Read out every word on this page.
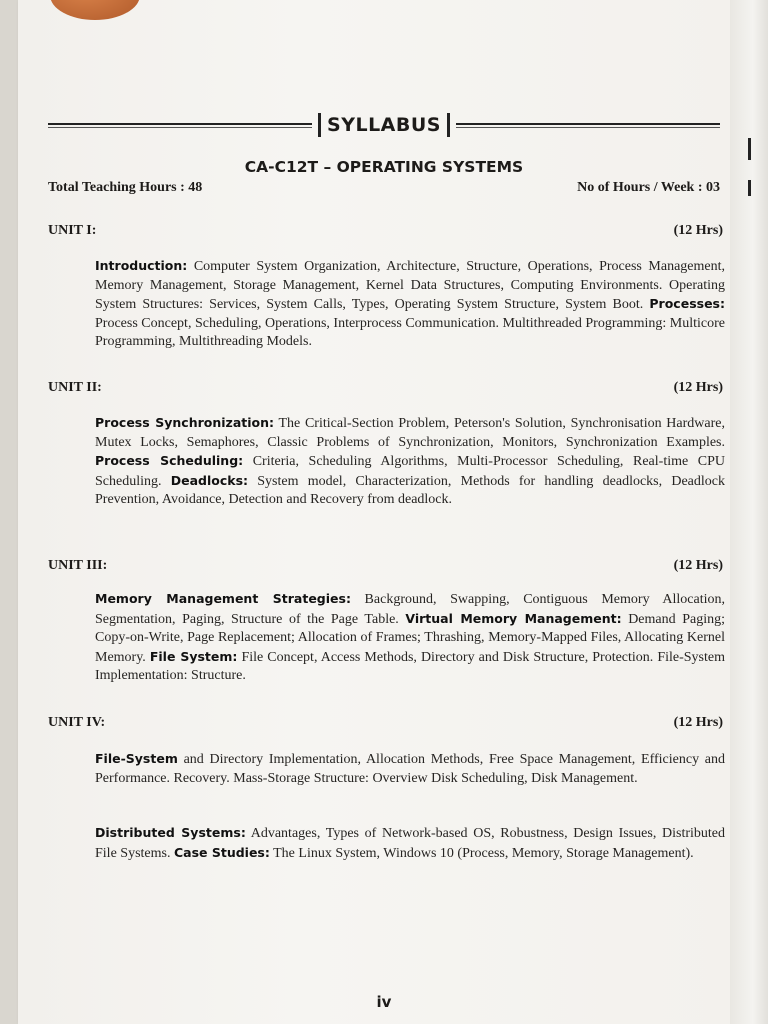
SYLLABUS
CA-C12T – OPERATING SYSTEMS
Total Teaching Hours : 48	No of Hours / Week : 03
UNIT I:	(12 Hrs)
Introduction: Computer System Organization, Architecture, Structure, Operations, Process Management, Memory Management, Storage Management, Kernel Data Structures, Computing Environments. Operating System Structures: Services, System Calls, Types, Operating System Structure, System Boot. Processes: Process Concept, Scheduling, Operations, Interprocess Communication. Multithreaded Programming: Multicore Programming, Multithreading Models.
UNIT II:	(12 Hrs)
Process Synchronization: The Critical-Section Problem, Peterson's Solution, Synchronisation Hardware, Mutex Locks, Semaphores, Classic Problems of Synchronization, Monitors, Synchronization Examples. Process Scheduling: Criteria, Scheduling Algorithms, Multi-Processor Scheduling, Real-time CPU Scheduling. Deadlocks: System model, Characterization, Methods for handling deadlocks, Deadlock Prevention, Avoidance, Detection and Recovery from deadlock.
UNIT III:	(12 Hrs)
Memory Management Strategies: Background, Swapping, Contiguous Memory Allocation, Segmentation, Paging, Structure of the Page Table. Virtual Memory Management: Demand Paging; Copy-on-Write, Page Replacement; Allocation of Frames; Thrashing, Memory-Mapped Files, Allocating Kernel Memory. File System: File Concept, Access Methods, Directory and Disk Structure, Protection. File-System Implementation: Structure.
UNIT IV:	(12 Hrs)
File-System and Directory Implementation, Allocation Methods, Free Space Management, Efficiency and Performance. Recovery. Mass-Storage Structure: Overview Disk Scheduling, Disk Management.
Distributed Systems: Advantages, Types of Network-based OS, Robustness, Design Issues, Distributed File Systems. Case Studies: The Linux System, Windows 10 (Process, Memory, Storage Management).
iv
